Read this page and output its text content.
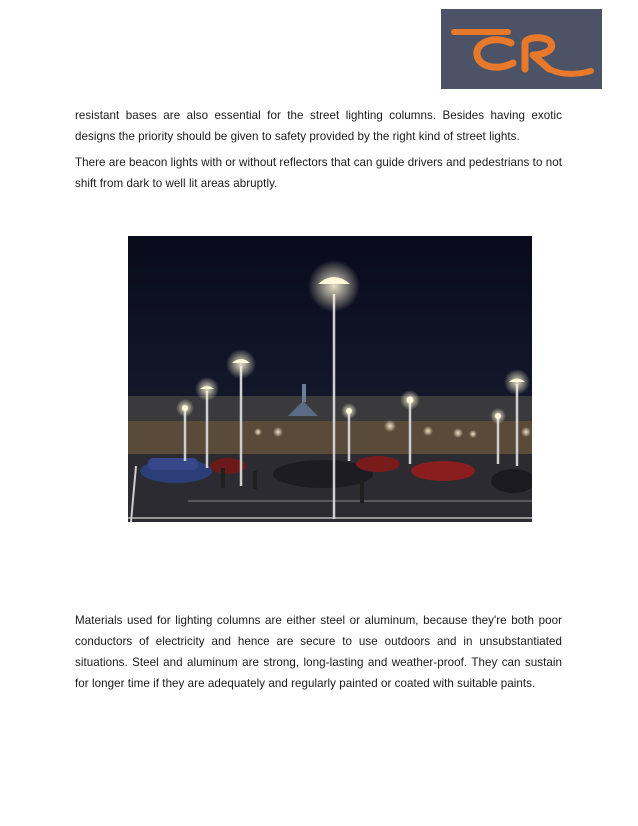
resistant bases are also essential for the street lighting columns. Besides having exotic designs the priority should be given to safety provided by the right kind of street lights.

There are beacon lights with or without reflectors that can guide drivers and pedestrians to not shift from dark to well lit areas abruptly.

Materials used for lighting columns are either steel or aluminum, because they're both poor conductors of electricity and hence are secure to use outdoors and in unsubstantiated situations. Steel and aluminum are strong, long-lasting and weather-proof. They can sustain for longer time if they are adequately and regularly painted or coated with suitable paints.
